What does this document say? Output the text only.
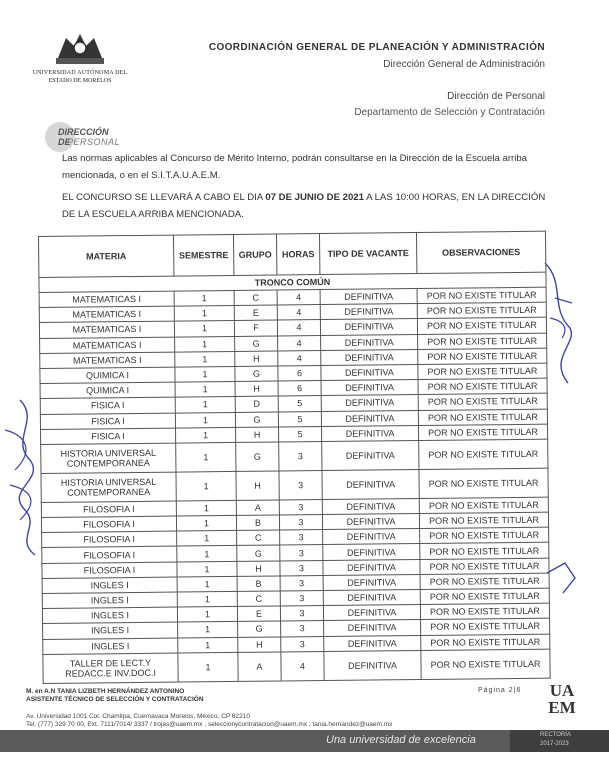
UNIVERSIDAD AUTÓNOMA DEL
ESTADO DE MORELOS
COORDINACIÓN GENERAL DE PLANEACIÓN Y ADMINISTRACIÓN
Dirección General de Administración
Dirección de Personal
Departamento de Selección y Contratación
DIRECCIÓN DE
PERSONAL
Las normas aplicables al Concurso de Mérito Interno, podrán consultarse en la Dirección de la Escuela arriba mencionada, o en el S.I.T.A.U.A.E.M.
EL CONCURSO SE LLEVARÁ A CABO EL DIA 07 DE JUNIO DE 2021 A LAS 10:00 HORAS, EN LA DIRECCIÓN DE LA ESCUELA ARRIBA MENCIONADA.
MATERIA	SEMESTRE	GRUPO	HORAS	TIPO DE VACANTE	OBSERVACIONES
TRONCO COMÚN					
MATEMATICAS I	1	C	4	DEFINITIVA	POR NO EXISTE TITULAR
MATEMATICAS I	1	E	4	DEFINITIVA	POR NO EXISTE TITULAR
MATEMATICAS I	1	F	4	DEFINITIVA	POR NO EXISTE TITULAR
MATEMATICAS I	1	G	4	DEFINITIVA	POR NO EXISTE TITULAR
MATEMATICAS I	1	H	4	DEFINITIVA	POR NO EXISTE TITULAR
QUIMICA I	1	G	6	DEFINITIVA	POR NO EXISTE TITULAR
QUIMICA I	1	H	6	DEFINITIVA	POR NO EXISTE TITULAR
FISICA I	1	D	5	DEFINITIVA	POR NO EXISTE TITULAR
FISICA I	1	G	5	DEFINITIVA	POR NO EXISTE TITULAR
FISICA I	1	H	5	DEFINITIVA	POR NO EXISTE TITULAR
HISTORIA UNIVERSAL CONTEMPORANEA	1	G	3	DEFINITIVA	POR NO EXISTE TITULAR
HISTORIA UNIVERSAL CONTEMPORANEA	1	H	3	DEFINITIVA	POR NO EXISTE TITULAR
FILOSOFIA I	1	A	3	DEFINITIVA	POR NO EXISTE TITULAR
FILOSOFIA I	1	B	3	DEFINITIVA	POR NO EXISTE TITULAR
FILOSOFIA I	1	C	3	DEFINITIVA	POR NO EXISTE TITULAR
FILOSOFIA I	1	G	3	DEFINITIVA	POR NO EXISTE TITULAR
FILOSOFIA I	1	H	3	DEFINITIVA	POR NO EXISTE TITULAR
INGLES I	1	B	3	DEFINITIVA	POR NO EXISTE TITULAR
INGLES I	1	C	3	DEFINITIVA	POR NO EXISTE TITULAR
INGLES I	1	E	3	DEFINITIVA	POR NO EXISTE TITULAR
INGLES I	1	G	3	DEFINITIVA	POR NO EXISTE TITULAR
INGLES I	1	H	3	DEFINITIVA	POR NO EXISTE TITULAR
TALLER DE LECT.Y REDACC.E INV.DOC.I	1	A	4	DEFINITIVA	POR NO EXISTE TITULAR
M. en A.N TANIA LIZBETH HERNÁNDEZ ANTONINO
ASISTENTE TÉCNICO DE SELECCIÓN Y CONTRATACIÓN
Av. Universidad 1001 Col. Chamilpa, Cuernavaca Morelos, México, CP 62210
Tel. (777) 329 70 00, Ext. 7111/7014/ 3337 / lrojas@uaem.mx , seleccionycontratacion@uaem.mx , tania.hernandez@uaem.mx
Página 2|6	UA
EM
Una universidad de excelencia	RECTORÍA
2017-2023
